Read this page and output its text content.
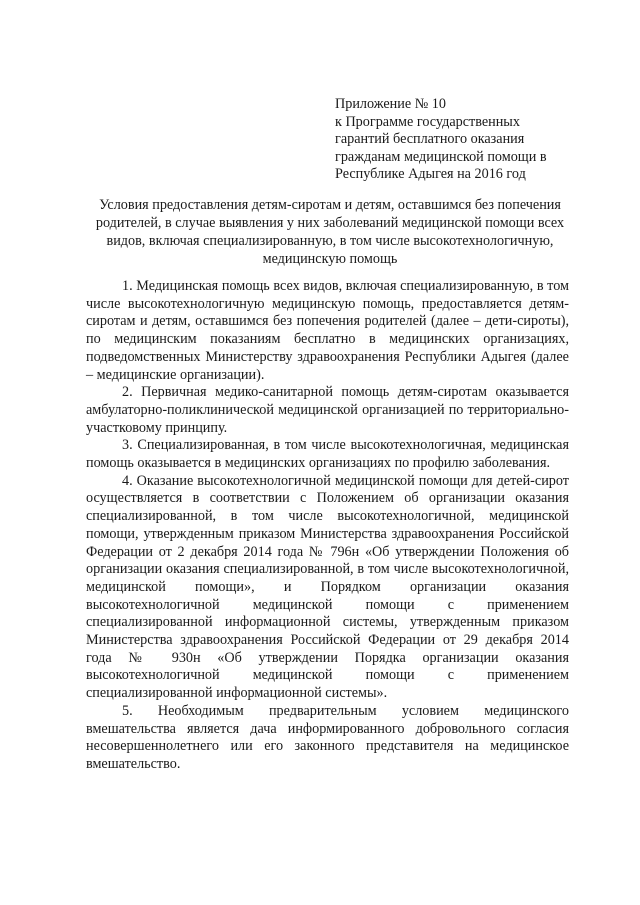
Приложение № 10
к Программе государственных
гарантий бесплатного оказания
гражданам медицинской помощи в
Республике Адыгея на 2016 год
Условия предоставления детям-сиротам и детям, оставшимся без попечения родителей, в случае выявления у них заболеваний медицинской помощи всех видов, включая специализированную, в том числе высокотехнологичную, медицинскую помощь

1. Медицинская помощь всех видов, включая специализированную, в том числе высокотехнологичную медицинскую помощь, предоставляется детям-сиротам и детям, оставшимся без попечения родителей (далее – дети-сироты), по медицинским показаниям бесплатно в медицинских организациях, подведомственных Министерству здравоохранения Республики Адыгея (далее – медицинские организации).

2. Первичная медико-санитарной помощь детям-сиротам оказывается амбулаторно-поликлинической медицинской организацией по территориально-участковому принципу.

3. Специализированная, в том числе высокотехнологичная, медицинская помощь оказывается в медицинских организациях по профилю заболевания.

4. Оказание высокотехнологичной медицинской помощи для детей-сирот осуществляется в соответствии с Положением об организации оказания специализированной, в том числе высокотехнологичной, медицинской помощи, утвержденным приказом Министерства здравоохранения Российской Федерации от 2 декабря 2014 года № 796н «Об утверждении Положения об организации оказания специализированной, в том числе высокотехнологичной, медицинской помощи», и Порядком организации оказания высокотехнологичной медицинской помощи с применением специализированной информационной системы, утвержденным приказом Министерства здравоохранения Российской Федерации от 29 декабря 2014 года № 930н «Об утверждении Порядка организации оказания высокотехнологичной медицинской помощи с применением специализированной информационной системы».

5. Необходимым предварительным условием медицинского вмешательства является дача информированного добровольного согласия несовершеннолетнего или его законного представителя на медицинское вмешательство.
